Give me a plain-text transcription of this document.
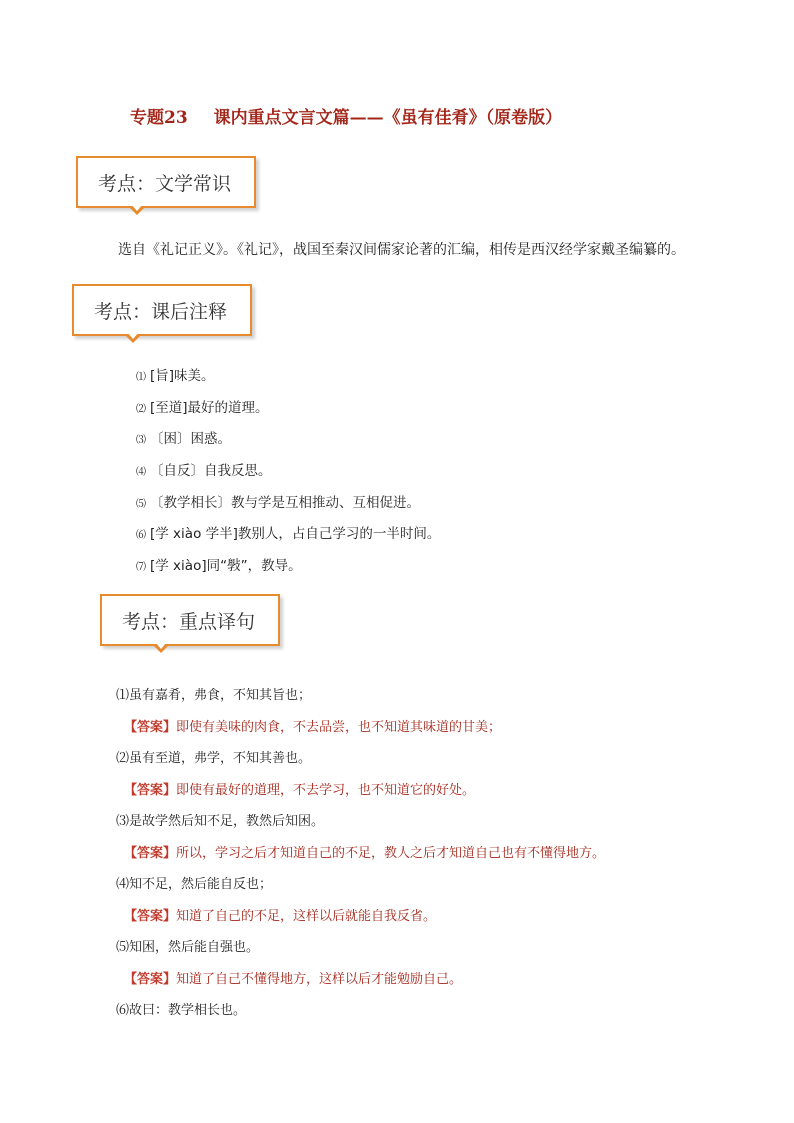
专题23 课内重点文言文篇——《虽有佳肴》（原卷版）
考点：文学常识
选自《礼记正义》。《礼记》，战国至秦汉间儒家论著的汇编，相传是西汉经学家戴圣编纂的。
考点：课后注释
⑴ [旨]味美。
⑵ [至道]最好的道理。
⑶ 〔困〕困惑。
⑷ 〔自反〕自我反思。
⑸ 〔教学相长〕教与学是互相推动、互相促进。
⑹ [学 xiào 学半]教别人，占自己学习的一半时间。
⑺ [学 xiào]同“斅”，教导。
考点：重点译句
⑴虽有嘉肴，弗食，不知其旨也；
【答案】即使有美味的肉食，不去品尝，也不知道其味道的甘美；
⑵虽有至道，弗学，不知其善也。
【答案】即使有最好的道理，不去学习，也不知道它的好处。
⑶是故学然后知不足，教然后知困。
【答案】所以，学习之后才知道自己的不足，教人之后才知道自己也有不懂得地方。
⑷知不足，然后能自反也；
【答案】知道了自己的不足，这样以后就能自我反省。
⑸知困，然后能自强也。
【答案】知道了自己不懂得地方，这样以后才能勉励自己。
⑹故曰：教学相长也。
